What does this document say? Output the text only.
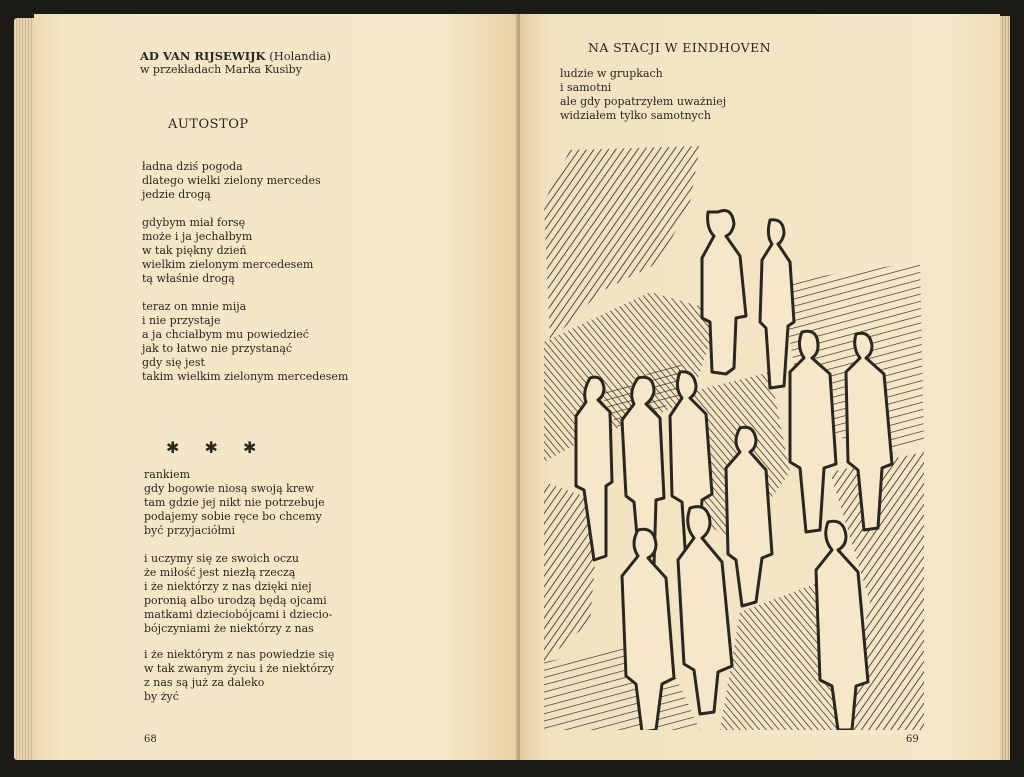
AD VAN RIJSEWIJK (Holandia)
w przekładach Marka Kusiby
AUTOSTOP
ładna dziś pogoda
dlatego wielki zielony mercedes
jedzie drogą
gdybym miał forsę
może i ja jechałbym
w tak piękny dzień
wielkim zielonym mercedesem
tą właśnie drogą
teraz on mnie mija
i nie przystaje
a ja chciałbym mu powiedzieć
jak to łatwo nie przystanąć
gdy się jest
takim wielkim zielonym mercedesem
✱ ✱ ✱
rankiem
gdy bogowie niosą swoją krew
tam gdzie jej nikt nie potrzebuje
podajemy sobie ręce bo chcemy
być przyjaciółmi
i uczymy się ze swoich oczu
że miłość jest niezłą rzeczą
i że niektórzy z nas dzięki niej
poronią albo urodzą będą ojcami
matkami dzieciobójcami i dziecio-
bójczyniami że niektórzy z nas
i że niektórym z nas powiedzie się
w tak zwanym życiu i że niektórzy
z nas są już za daleko
by żyć
68
NA STACJI W EINDHOVEN
ludzie w grupkach
i samotni
ale gdy popatrzyłem uważniej
widziałem tylko samotnych
69
